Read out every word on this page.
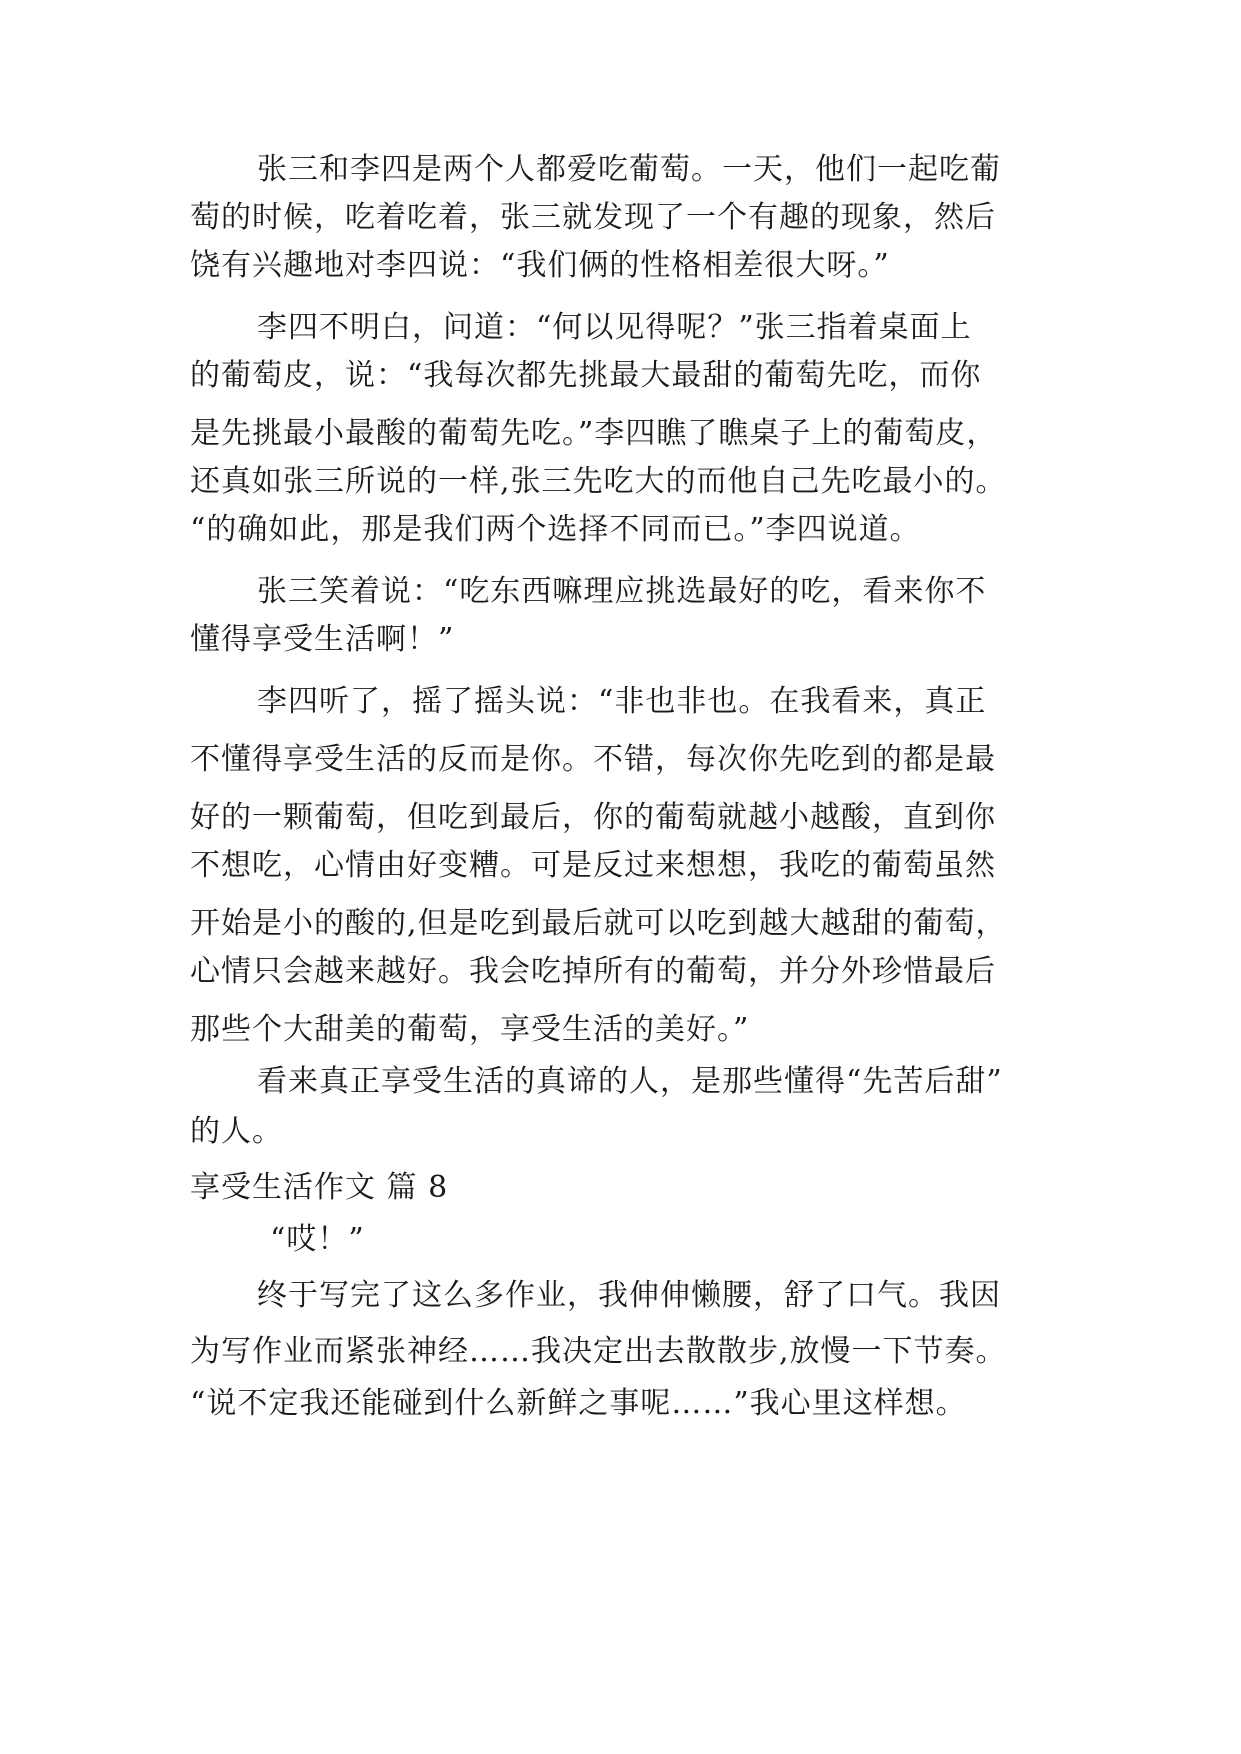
张三和李四是两个人都爱吃葡萄。一天，他们一起吃葡
萄的时候，吃着吃着，张三就发现了一个有趣的现象，然后
饶有兴趣地对李四说：“我们俩的性格相差很大呀。”
李四不明白，问道：“何以见得呢？”张三指着桌面上
的葡萄皮，说：“我每次都先挑最大最甜的葡萄先吃，而你
是先挑最小最酸的葡萄先吃。”李四瞧了瞧桌子上的葡萄皮，
还真如张三所说的一样,张三先吃大的而他自己先吃最小的。
“的确如此，那是我们两个选择不同而已。”李四说道。
张三笑着说：“吃东西嘛理应挑选最好的吃，看来你不
懂得享受生活啊！”
李四听了，摇了摇头说：“非也非也。在我看来，真正
不懂得享受生活的反而是你。不错，每次你先吃到的都是最
好的一颗葡萄，但吃到最后，你的葡萄就越小越酸，直到你
不想吃，心情由好变糟。可是反过来想想，我吃的葡萄虽然
开始是小的酸的,但是吃到最后就可以吃到越大越甜的葡萄，
心情只会越来越好。我会吃掉所有的葡萄，并分外珍惜最后
那些个大甜美的葡萄，享受生活的美好。”
看来真正享受生活的真谛的人，是那些懂得“先苦后甜”
的人。
享受生活作文 篇 8
“哎！”
终于写完了这么多作业，我伸伸懒腰，舒了口气。我因
为写作业而紧张神经……我决定出去散散步,放慢一下节奏。
“说不定我还能碰到什么新鲜之事呢……”我心里这样想。
